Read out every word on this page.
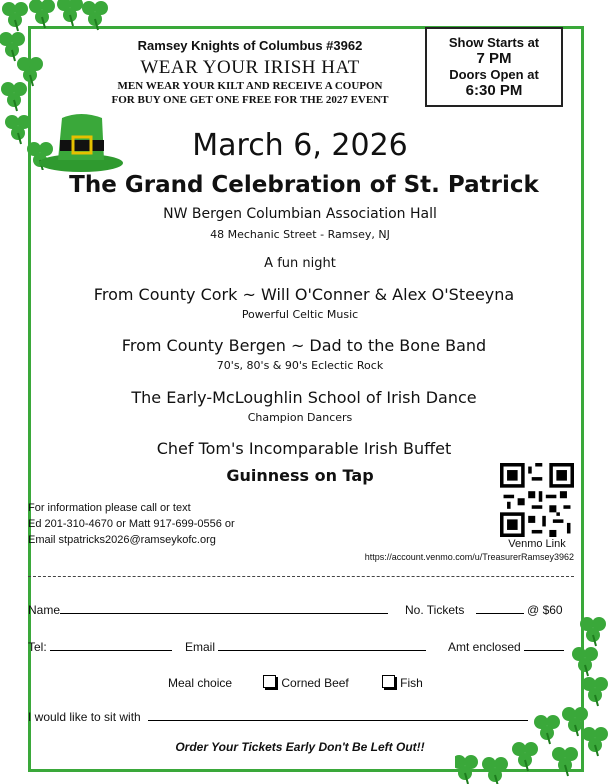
Ramsey Knights of Columbus #3962
WEAR YOUR IRISH HAT
MEN WEAR YOUR KILT AND RECEIVE A COUPON
FOR BUY ONE GET ONE FREE FOR THE 2027 EVENT
Show Starts at
7 PM
Doors Open at
6:30 PM
March 6, 2026
The Grand Celebration of St. Patrick
NW Bergen Columbian Association Hall
48 Mechanic Street - Ramsey, NJ
A fun night
From County Cork ~ Will O'Conner & Alex O'Steeyna
Powerful Celtic Music
From County Bergen ~ Dad to the Bone Band
70's, 80's & 90's Eclectic Rock
The Early-McLoughlin School of Irish Dance
Champion Dancers
Chef Tom's Incomparable Irish Buffet
Guinness on Tap
For information please call or text
Ed 201-310-4670 or Matt 917-699-0556 or
Email stpatricks2026@ramseykofc.org	Venmo Link
https://account.venmo.com/u/TreasurerRamsey3962
Name	No. Tickets	@ $60
Tel:	Email	Amt enclosed
Meal choice	Corned Beef	Fish
I would like to sit with
Order Your Tickets Early Don't Be Left Out!!
